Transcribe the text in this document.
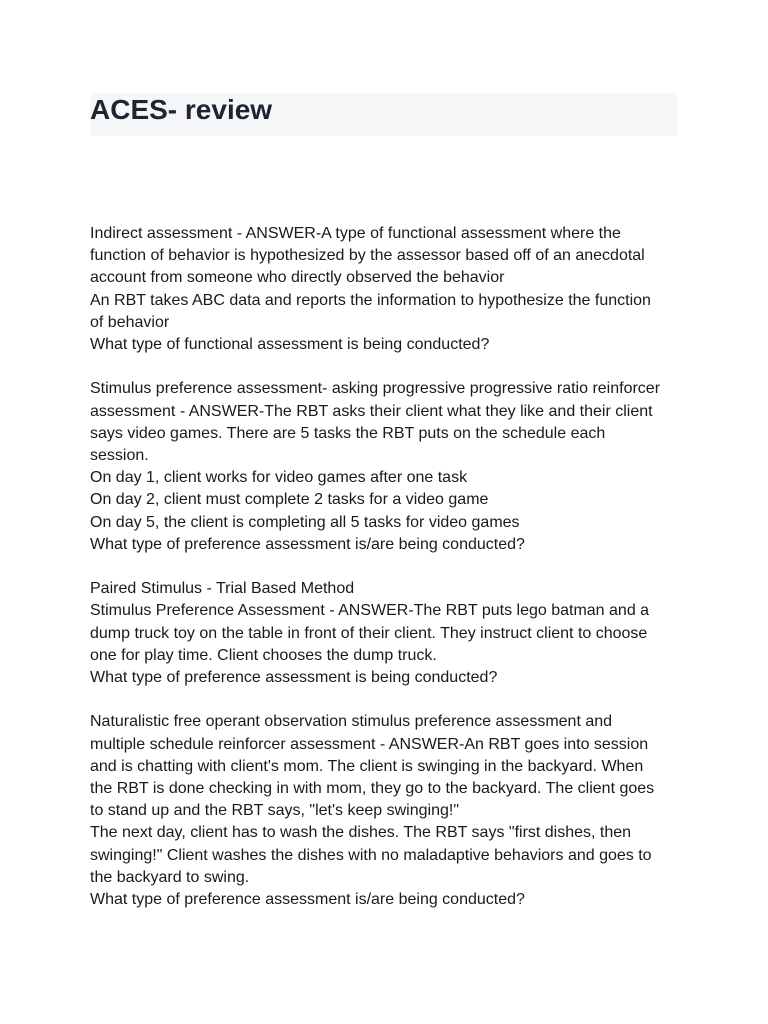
ACES- review
Indirect assessment - ANSWER-A type of functional assessment where the
function of behavior is hypothesized by the assessor based off of an anecdotal
account from someone who directly observed the behavior
An RBT takes ABC data and reports the information to hypothesize the function
of behavior
What type of functional assessment is being conducted?
Stimulus preference assessment- asking progressive progressive ratio reinforcer
assessment - ANSWER-The RBT asks their client what they like and their client
says video games. There are 5 tasks the RBT puts on the schedule each
session.
On day 1, client works for video games after one task
On day 2, client must complete 2 tasks for a video game
On day 5, the client is completing all 5 tasks for video games
What type of preference assessment is/are being conducted?
Paired Stimulus - Trial Based Method
Stimulus Preference Assessment - ANSWER-The RBT puts lego batman and a
dump truck toy on the table in front of their client. They instruct client to choose
one for play time. Client chooses the dump truck.
What type of preference assessment is being conducted?
Naturalistic free operant observation stimulus preference assessment and
multiple schedule reinforcer assessment - ANSWER-An RBT goes into session
and is chatting with client's mom. The client is swinging in the backyard. When
the RBT is done checking in with mom, they go to the backyard. The client goes
to stand up and the RBT says, "let's keep swinging!"
The next day, client has to wash the dishes. The RBT says "first dishes, then
swinging!" Client washes the dishes with no maladaptive behaviors and goes to
the backyard to swing.
What type of preference assessment is/are being conducted?
